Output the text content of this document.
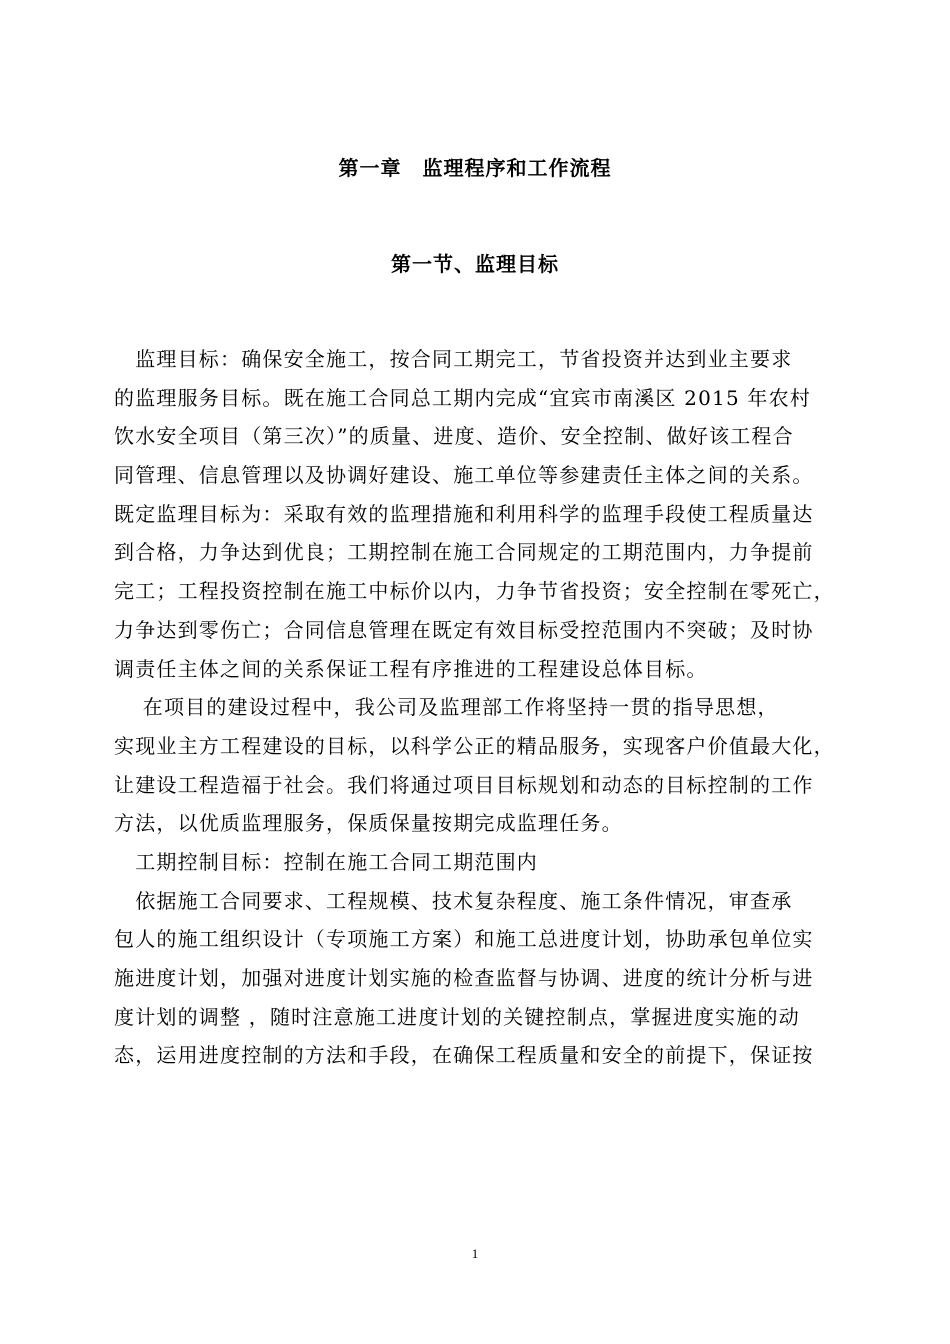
第一章　监理程序和工作流程
第一节、监理目标
　监理目标：确保安全施工，按合同工期完工，节省投资并达到业主要求
的监理服务目标。既在施工合同总工期内完成“宜宾市南溪区 2015 年农村
饮水安全项目（第三次）”的质量、进度、造价、安全控制、做好该工程合
同管理、信息管理以及协调好建设、施工单位等参建责任主体之间的关系。
既定监理目标为：采取有效的监理措施和利用科学的监理手段使工程质量达
到合格，力争达到优良；工期控制在施工合同规定的工期范围内，力争提前
完工；工程投资控制在施工中标价以内，力争节省投资；安全控制在零死亡，
力争达到零伤亡；合同信息管理在既定有效目标受控范围内不突破；及时协
调责任主体之间的关系保证工程有序推进的工程建设总体目标。
　 在项目的建设过程中，我公司及监理部工作将坚持一贯的指导思想，
实现业主方工程建设的目标，以科学公正的精品服务，实现客户价值最大化，
让建设工程造福于社会。我们将通过项目目标规划和动态的目标控制的工作
方法，以优质监理服务，保质保量按期完成监理任务。
　工期控制目标：控制在施工合同工期范围内
　依据施工合同要求、工程规模、技术复杂程度、施工条件情况，审查承
包人的施工组织设计（专项施工方案）和施工总进度计划，协助承包单位实
施进度计划，加强对进度计划实施的检查监督与协调、进度的统计分析与进
度计划的调整 ，随时注意施工进度计划的关键控制点，掌握进度实施的动
态，运用进度控制的方法和手段，在确保工程质量和安全的前提下，保证按
1
